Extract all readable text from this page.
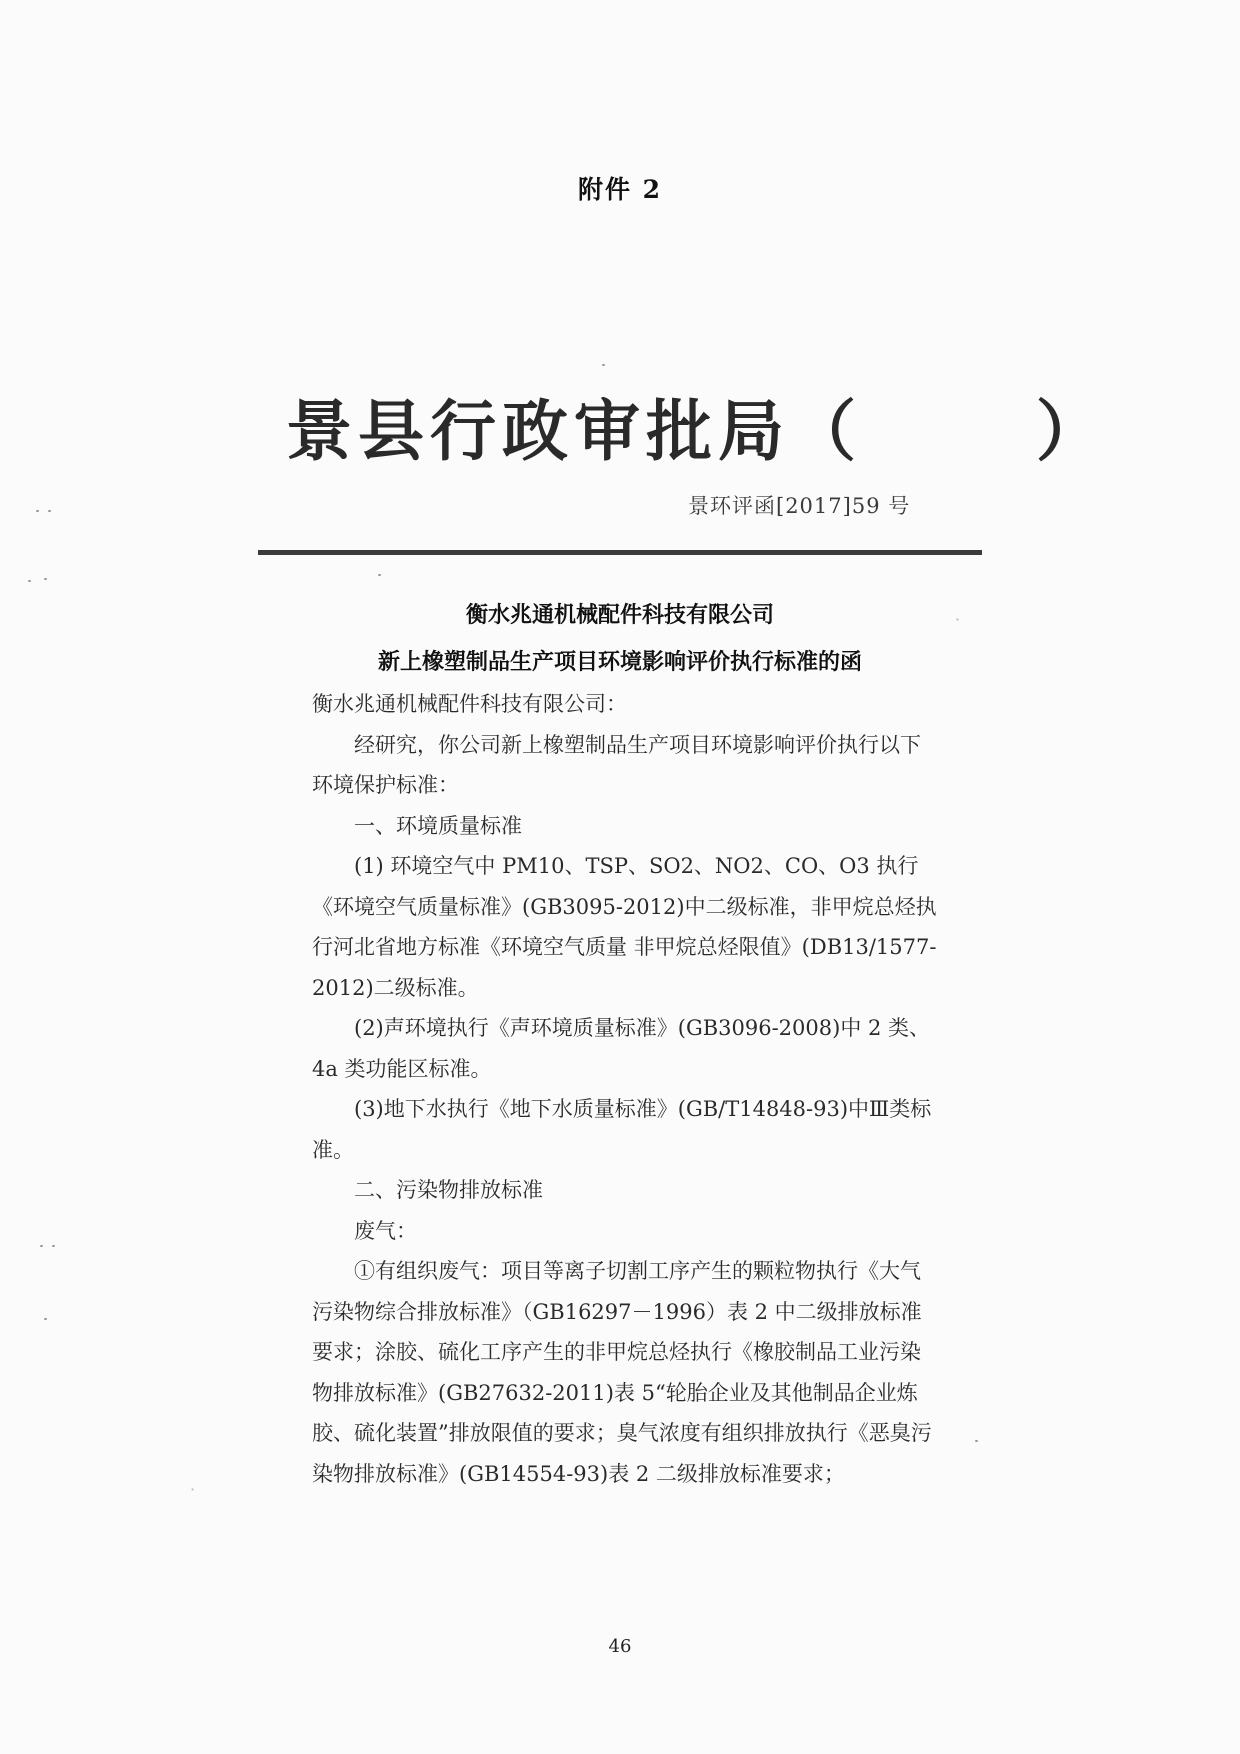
附件 2
景县行政审批局（      ）
景环评函[2017]59 号
衡水兆通机械配件科技有限公司
新上橡塑制品生产项目环境影响评价执行标准的函

衡水兆通机械配件科技有限公司：

经研究，你公司新上橡塑制品生产项目环境影响评价执行以下环境保护标准：

一、环境质量标准

(1) 环境空气中 PM10、TSP、SO2、NO2、CO、O3 执行《环境空气质量标准》(GB3095-2012)中二级标准，非甲烷总烃执行河北省地方标准《环境空气质量 非甲烷总烃限值》(DB13/1577-2012)二级标准。

(2)声环境执行《声环境质量标准》(GB3096-2008)中 2 类、4a 类功能区标准。

(3)地下水执行《地下水质量标准》(GB/T14848-93)中Ⅲ类标准。

二、污染物排放标准

废气：

①有组织废气：项目等离子切割工序产生的颗粒物执行《大气污染物综合排放标准》（GB16297－1996）表 2 中二级排放标准要求；涂胶、硫化工序产生的非甲烷总烃执行《橡胶制品工业污染物排放标准》(GB27632-2011)表 5“轮胎企业及其他制品企业炼胶、硫化装置”排放限值的要求；臭气浓度有组织排放执行《恶臭污染物排放标准》(GB14554-93)表 2 二级排放标准要求；

46
·
·
